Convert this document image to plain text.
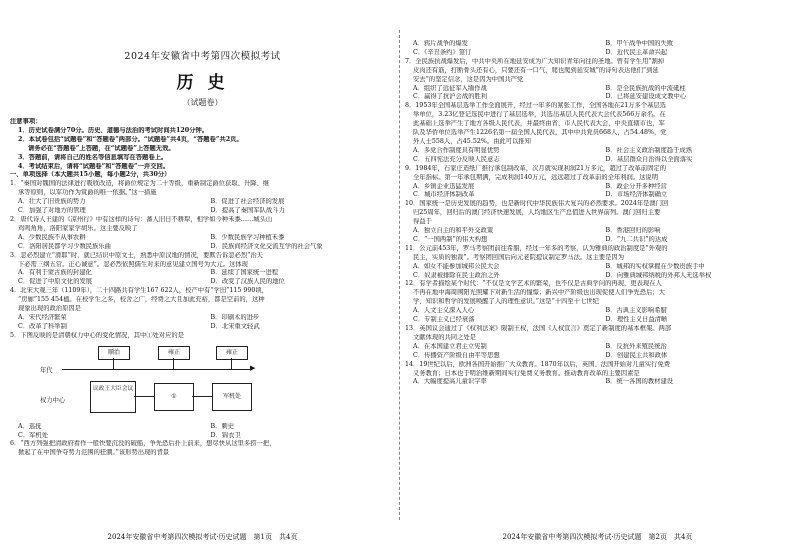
2024年安徽省中考第四次模拟考试
历史
（试题卷）

注意事项：

1．历史试卷满分70分。历史、道德与法治的考试时间共120分钟。

2．本试卷包括“试题卷”和“答题卷”两部分。“试题卷”共4页，“答题卷”共2页。

请务必在“答题卷”上答题，在“试题卷”上答题无效。

3．答题前，请将自己的姓名等信息填写在答题卷上。

4．考试结束后，请将“试题卷”和“答题卷”一并交回。

一、单项选择（本大题共15小题，每小题2分，共30分）

1．“秦国对魏国的法律进行吸收改造，将爵位规定为二十等级，重新制定爵位获取、升降、继

承等原则，以军功作为赏爵的唯一依据。”这一措施

A．壮大了旧贵族的势力	B．促进了社会经济的发展
C．加强了对地方的管理	D．提高了秦国军队战斗力

2．唐代诗人王建的《凉州行》中有这样的诗句：蕃人旧日不耕犁，相学如今种禾黍……城头山

鸡鸣角角，洛阳家家学胡乐。这主要反映了

A．少数民族不从事农耕	B．少数民族学习种植禾黍
C．洛阳居民都学习少数民族乐曲	D．民族间经济文化交流互学的社会气象

3．忽必烈建立“滑耶”时，就已结识中原文士，熟悉中原汉地的情况，要默告诉忽必烈“治天

下必需三纲五常。正心诚意”。忽必烈依照儒生对来的意见建立国号为大元。这体现

A．有利于蒙古族的封建化	B．延续了国家统一进程
C．促进了中原文化的发展	D．改变了汉族人民的地位

4．北宋大观三年（1109年），二十四路共有学生167 622人，校产中有“学田”115 990顷，

“房廊”155 454楹。在校学生之多，校舍之广，经费之大且加此充裕，都是空前的，这种

现象出现的政治原因是

A．宋代经济繁荣	B．印刷术的进步
C．改革了科举制	D．北宋重文轻武

5．下图反映的是清朝权力中心的变化情况，其中①处对应的是

年代	▶
顺治	雍正	雍正
权力中心
议政王大臣会议
①	军机处
A．巡抚	B．刺史
C．军机处	D．锦衣卫

6．“西方列强把清政府看作一般快要沉没的破船，争先恐后扑上前来，想尽快从这里多捞一把，

掀起了在中国争夺势力范围的狂潮。”该形势出现的背景

2024年安徽省中考第四次模拟考试·历史试题　第1页　共4页
A．鸦片战争的爆发	B．甲午战争中国的失败
C．《辛丑条约》签订	D．近代民主革命兴起

7．全民族抗战爆发后，中共中央所在地延安成为广大知识青年向往的圣地。曾有学生用“割掉

皮肉还有筋，打断骨头还有心，只要还有一口气，爬也爬到延安城”的诗句表达他们“到延

安去”的坚定信念，这是因为中国共产党

A．组织了远征军入缅作战	B．是全民族抗战的中流砥柱
C．赢得了抗沪会战的胜利	D．已将延安建设成文教中心

8．1953年全国基层选举工作全面展开，经过一年多的紧张工作，全国各地在21万多个基层选

举单位，3.23亿登记选民中进行了基层选举，共选出基层人民代表大会代表566万余名。在

此基础上选举产生了地方各级人民代表，并最终由省、市人民代表大会，中央直辖市也，军

队及华侨单位选举产生1226名第一届全国人民代表，其中中共党员668人，占54.48%，党

外人士558人，占45.52%。由此可以推知

A．多党合作制度具有明显优势	B．社会主义政治制度趋于成熟
C．五四宪法充分反映人民意志	D．基层群众自治得以全面落实

9．1984年，石家庄造纸厂推行承包制改革，次月就实现利润21万多元，超过了改革前固定的

全年指标。第一年承包期满，完成利润140万元，远远超过了改革前的全年利润。这说明

A．乡镇企业迅猛发展	B．政企分开多种经营
C．城市经济体制改革	D．市场经济体制确立

10．国家统一是历史发展的趋势，也是新时代中华民族伟大复兴的必然要求。2024年是澳门回

归25周年，回归后的澳门经济快速发展，人均地区生产总值进入世界前列。澳门回归主要

得益于

A．独立自主的和平外交政策	B．香港回归的影响
C．“一国两制”的伟大构想	D．“九二共识”的达成

11．公元前453年，罗马考察团前往希腊，经过一年多的考察，认为雅典的政治制度是“外观的

民主，实质的独裁”。考察团回国后向元老院提议制定罗马法。这主要是因为

A．如女不能参加城邦公民大会	B．城邦的实权掌握在少数贵族手中
C．奴隶被排除在民主政治之外	D．向雅典城邦纳税的外邦人无选举权

12．有学者描绘某个时代：“不仅是文学艺术的繁荣，也不仅是古典学问的再现，更表现在人

不再在地中海周围阳光照耀下对新生活的憧憬；新兴中产阶级也出现促使人们争先恐后；大

学、知识和哲学的发展唤醒了人的理性意识。”这是“十四至十七世纪

A．人文主义深入人心	B．古典主义影响希腊
C．专制主义已经衰落	D．理性主义日益清晰

13．英国议会通过了《权利法案》限制王权，法国《人权宣言》奠定了新制度的基本框架。两部

文献体现的共同之处是

A．在本国建立君主立宪制	B．反抗外来殖民统治
C．传播资产阶级自由平等思想	D．创建民主共和政体

14．19世纪以后，欧洲各国开始推广大众教育。1870年以后，英国、法国开始对儿童实行免费

义务教育；日本也于明治维新期间实行免费义务教育。推动教育改革的主要因素是

A．大幅度提高儿童识字率	B．统一各国的教材建设
2024年安徽省中考第四次模拟考试·历史试题　第2页　共4页
